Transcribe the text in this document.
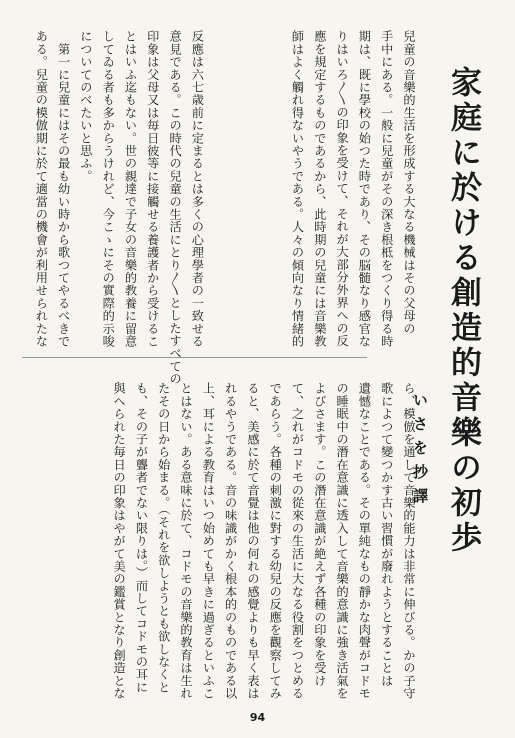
兒童の音樂的生活を形成する大なる機械はその父母の
手中にある。一般に兒童がその深き根柢をつくり得る時
期は、既に學校の始つた時であり、その脳髄なり感官な
りはいろ〳〵の印象を受けて、それが大部分外界への反
應を規定するものであるから、此時期の兒童には音樂教
師はよく觸れ得ないやうである。人々の傾向なり情緒的
反應は六七歳前に定まるとは多くの心理學者の一致せる
意見である。この時代の兒童の生活にとり〳〵としたすべての
印象は父母又は毎日彼等に接觸せる養護者から受けるこ
とはいふ迄もない。世の親達で子女の音樂的教養に留意
してゐる者も多からうけれど、今こゝにその實際的示唆
についてのべたいと思ふ。
　第一に兒童にはその最も幼い時から歌つてやるべきで
ある。兒童の模倣期に於て適當の機會が利用せられたな
ら、模倣を通して音樂的能力は非常に伸びる。かの子守
歌によつて變つかす古い習慣が廢れようとすることは
遺憾なことである。その單純なもの靜かな肉聲がコドモ
の睡眠中の潛在意識に透入して音樂的意識に強き活氣を
よびさます。この潛在意識が絶えず各種の印象を受け
て、之れがコドモの從來の生活に大なる役割をつとめる
であらう。各種の刺激に對する幼兒の反應を觀察してみ
ると、美感に於て音覺は他の何れの感覺よりも早く表は
れるやうである。音の味識がかく根本的のものである以
上、耳による教育はいつ始めても早きに過ぎるといふこ
とはない。ある意味に於て、コドモの音樂的教育は生れ
たその日から始まる。（それを欲しようとも欲しなくと
も、その子が聾者でない限りは。）而してコドモの耳に
與へられた毎日の印象はやがて美の鑑賞となり創造とな	家庭に於ける創造的音樂の初歩
いさを抄譯
94
